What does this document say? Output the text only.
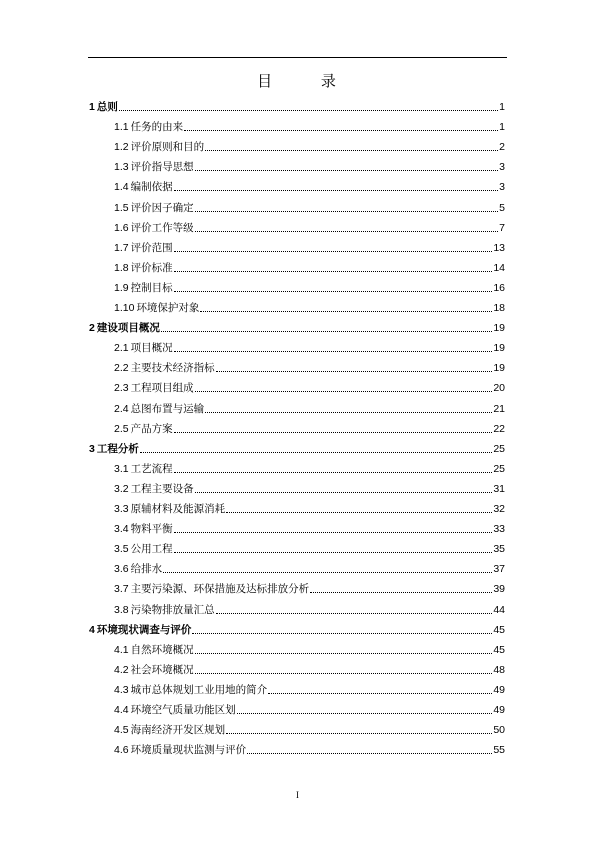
目 录
1 总则	1
1.1 任务的由来	1
1.2 评价原则和目的	2
1.3 评价指导思想	3
1.4 编制依据	3
1.5 评价因子确定	5
1.6 评价工作等级	7
1.7 评价范围	13
1.8 评价标准	14
1.9 控制目标	16
1.10 环境保护对象	18
2 建设项目概况	19
2.1 项目概况	19
2.2 主要技术经济指标	19
2.3 工程项目组成	20
2.4 总图布置与运输	21
2.5 产品方案	22
3 工程分析	25
3.1 工艺流程	25
3.2 工程主要设备	31
3.3 原辅材料及能源消耗	32
3.4 物料平衡	33
3.5 公用工程	35
3.6 给排水	37
3.7 主要污染源、环保措施及达标排放分析	39
3.8 污染物排放量汇总	44
4 环境现状调查与评价	45
4.1 自然环境概况	45
4.2 社会环境概况	48
4.3 城市总体规划工业用地的简介	49
4.4 环境空气质量功能区划	49
4.5 海南经济开发区规划	50
4.6 环境质量现状监测与评价	55
I
